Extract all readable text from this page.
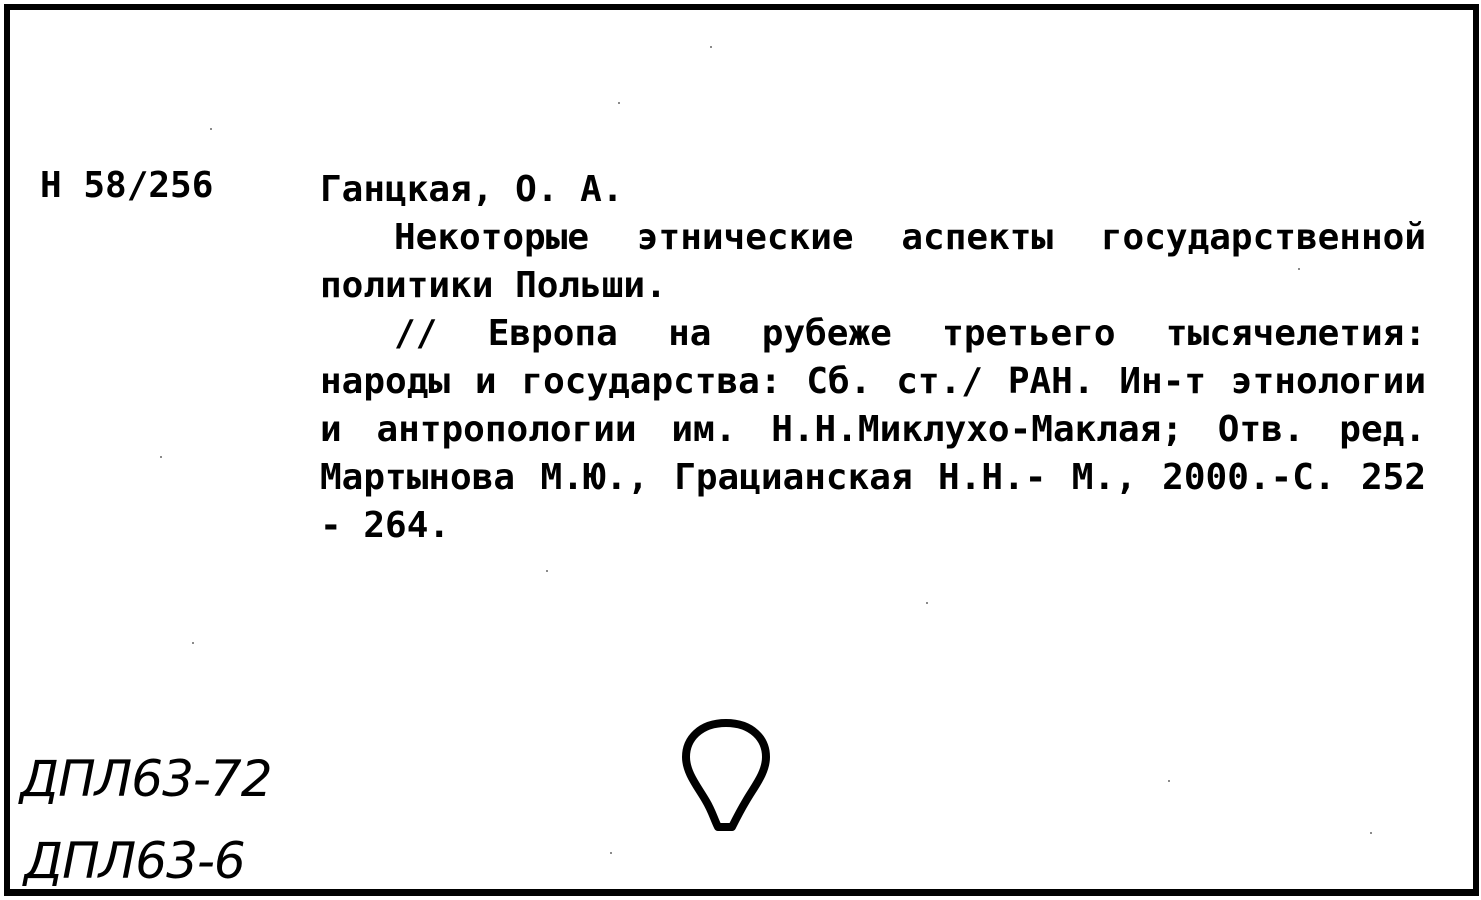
Н 58/256	Ганцкая, О. А.

Некоторые этнические аспекты государственной политики Польши.

// Европа на рубеже третьего тысячелетия: народы и государства: Сб. ст./ РАН. Ин-т этнологии и антропологии им. Н.Н.Миклухо-Маклая; Отв. ред. Мартынова М.Ю., Грацианская Н.Н.- М., 2000.-С. 252 - 264.

ДПЛ63-72
ДПЛ63-6
